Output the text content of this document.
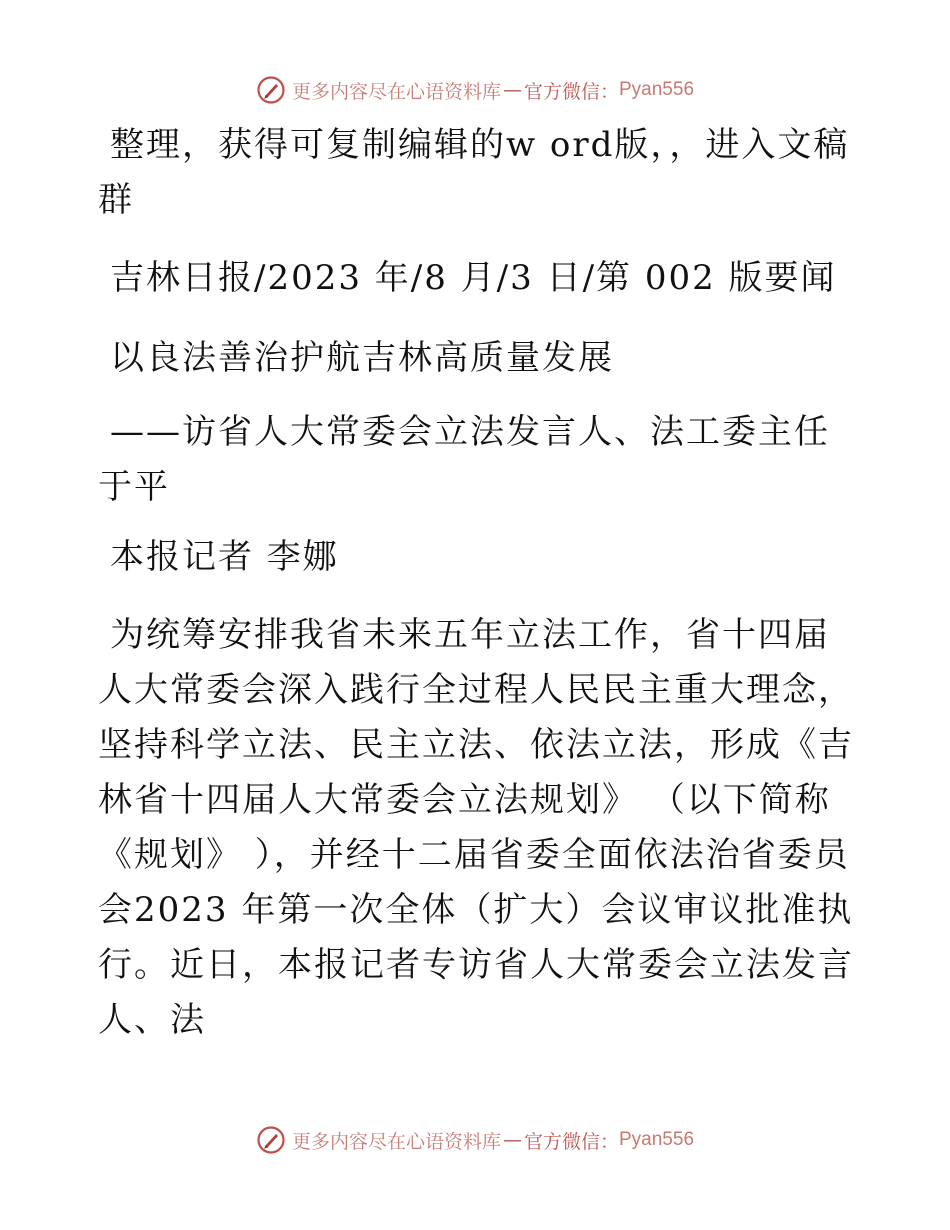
更多内容尽在心语资料库 — 官方微信： Pyan556
整理，获得可复制编辑的w ord版，，进入文稿群
吉林日报/2023 年/8 月/3 日/第 002 版要闻
以良法善治护航吉林高质量发展
——访省人大常委会立法发言人、法工委主任于平
本报记者 李娜
为统筹安排我省未来五年立法工作，省十四届人大常委会深入践行全过程人民民主重大理念，坚持科学立法、民主立法、依法立法，形成《吉林省十四届人大常委会立法规划》 （以下简称《规划》 ），并经十二届省委全面依法治省委员会2023 年第一次全体（扩大）会议审议批准执行。近日，本报记者专访省人大常委会立法发言人、法
更多内容尽在心语资料库 — 官方微信： Pyan556
